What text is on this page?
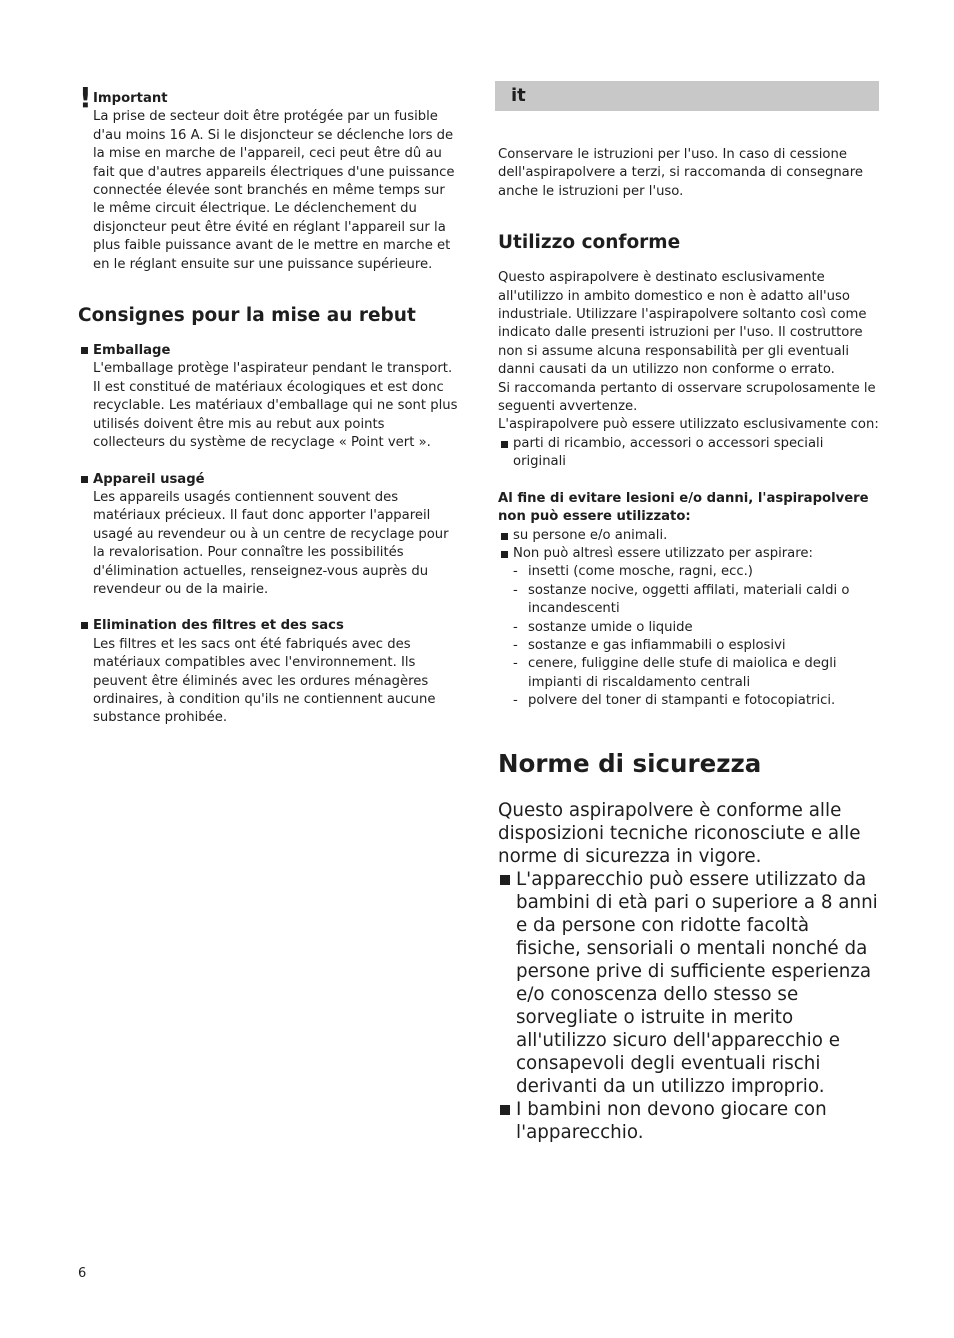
! Important
La prise de secteur doit être protégée par un fusible d'au moins 16 A. Si le disjoncteur se déclenche lors de la mise en marche de l'appareil, ceci peut être dû au fait que d'autres appareils électriques d'une puissance connectée élevée sont branchés en même temps sur le même circuit électrique. Le déclenchement du disjoncteur peut être évité en réglant l'appareil sur la plus faible puissance avant de le mettre en marche et en le réglant ensuite sur une puissance supérieure.
Consignes pour la mise au rebut
Emballage
L'emballage protège l'aspirateur pendant le transport. Il est constitué de matériaux écologiques et est donc recyclable. Les matériaux d'emballage qui ne sont plus utilisés doivent être mis au rebut aux points collecteurs du système de recyclage « Point vert ».
Appareil usagé
Les appareils usagés contiennent souvent des matériaux précieux. Il faut donc apporter l'appareil usagé au revendeur ou à un centre de recyclage pour la revalorisation. Pour connaître les possibilités d'élimination actuelles, renseignez-vous auprès du revendeur ou de la mairie.
Elimination des filtres et des sacs
Les filtres et les sacs ont été fabriqués avec des matériaux compatibles avec l'environnement. Ils peuvent être éliminés avec les ordures ménagères ordinaires, à condition qu'ils ne contiennent aucune substance prohibée.
it
Conservare le istruzioni per l'uso. In caso di cessione dell'aspirapolvere a terzi, si raccomanda di consegnare anche le istruzioni per l'uso.
Utilizzo conforme
Questo aspirapolvere è destinato esclusivamente all'utilizzo in ambito domestico e non è adatto all'uso industriale. Utilizzare l'aspirapolvere soltanto così come indicato dalle presenti istruzioni per l'uso. Il costruttore non si assume alcuna responsabilità per gli eventuali danni causati da un utilizzo non conforme o errato.
Si raccomanda pertanto di osservare scrupolosamente le seguenti avvertenze.
L'aspirapolvere può essere utilizzato esclusivamente con:
parti di ricambio, accessori o accessori speciali originali
Al fine di evitare lesioni e/o danni, l'aspirapolvere non può essere utilizzato:
su persone e/o animali.
Non può altresì essere utilizzato per aspirare:
- insetti (come mosche, ragni, ecc.)
- sostanze nocive, oggetti affilati, materiali caldi o incandescenti
- sostanze umide o liquide
- sostanze e gas infiammabili o esplosivi
- cenere, fuliggine delle stufe di maiolica e degli impianti di riscaldamento centrali
- polvere del toner di stampanti e fotocopiatrici.
Norme di sicurezza
Questo aspirapolvere è conforme alle disposizioni tecniche riconosciute e alle norme di sicurezza in vigore.
L'apparecchio può essere utilizzato da bambini di età pari o superiore a 8 anni e da persone con ridotte facoltà fisiche, sensoriali o mentali nonché da persone prive di sufficiente esperienza e/o conoscenza dello stesso se sorvegliate o istruite in merito all'utilizzo sicuro dell'apparecchio e consapevoli degli eventuali rischi derivanti da un utilizzo improprio.
I bambini non devono giocare con l'apparecchio.
6
